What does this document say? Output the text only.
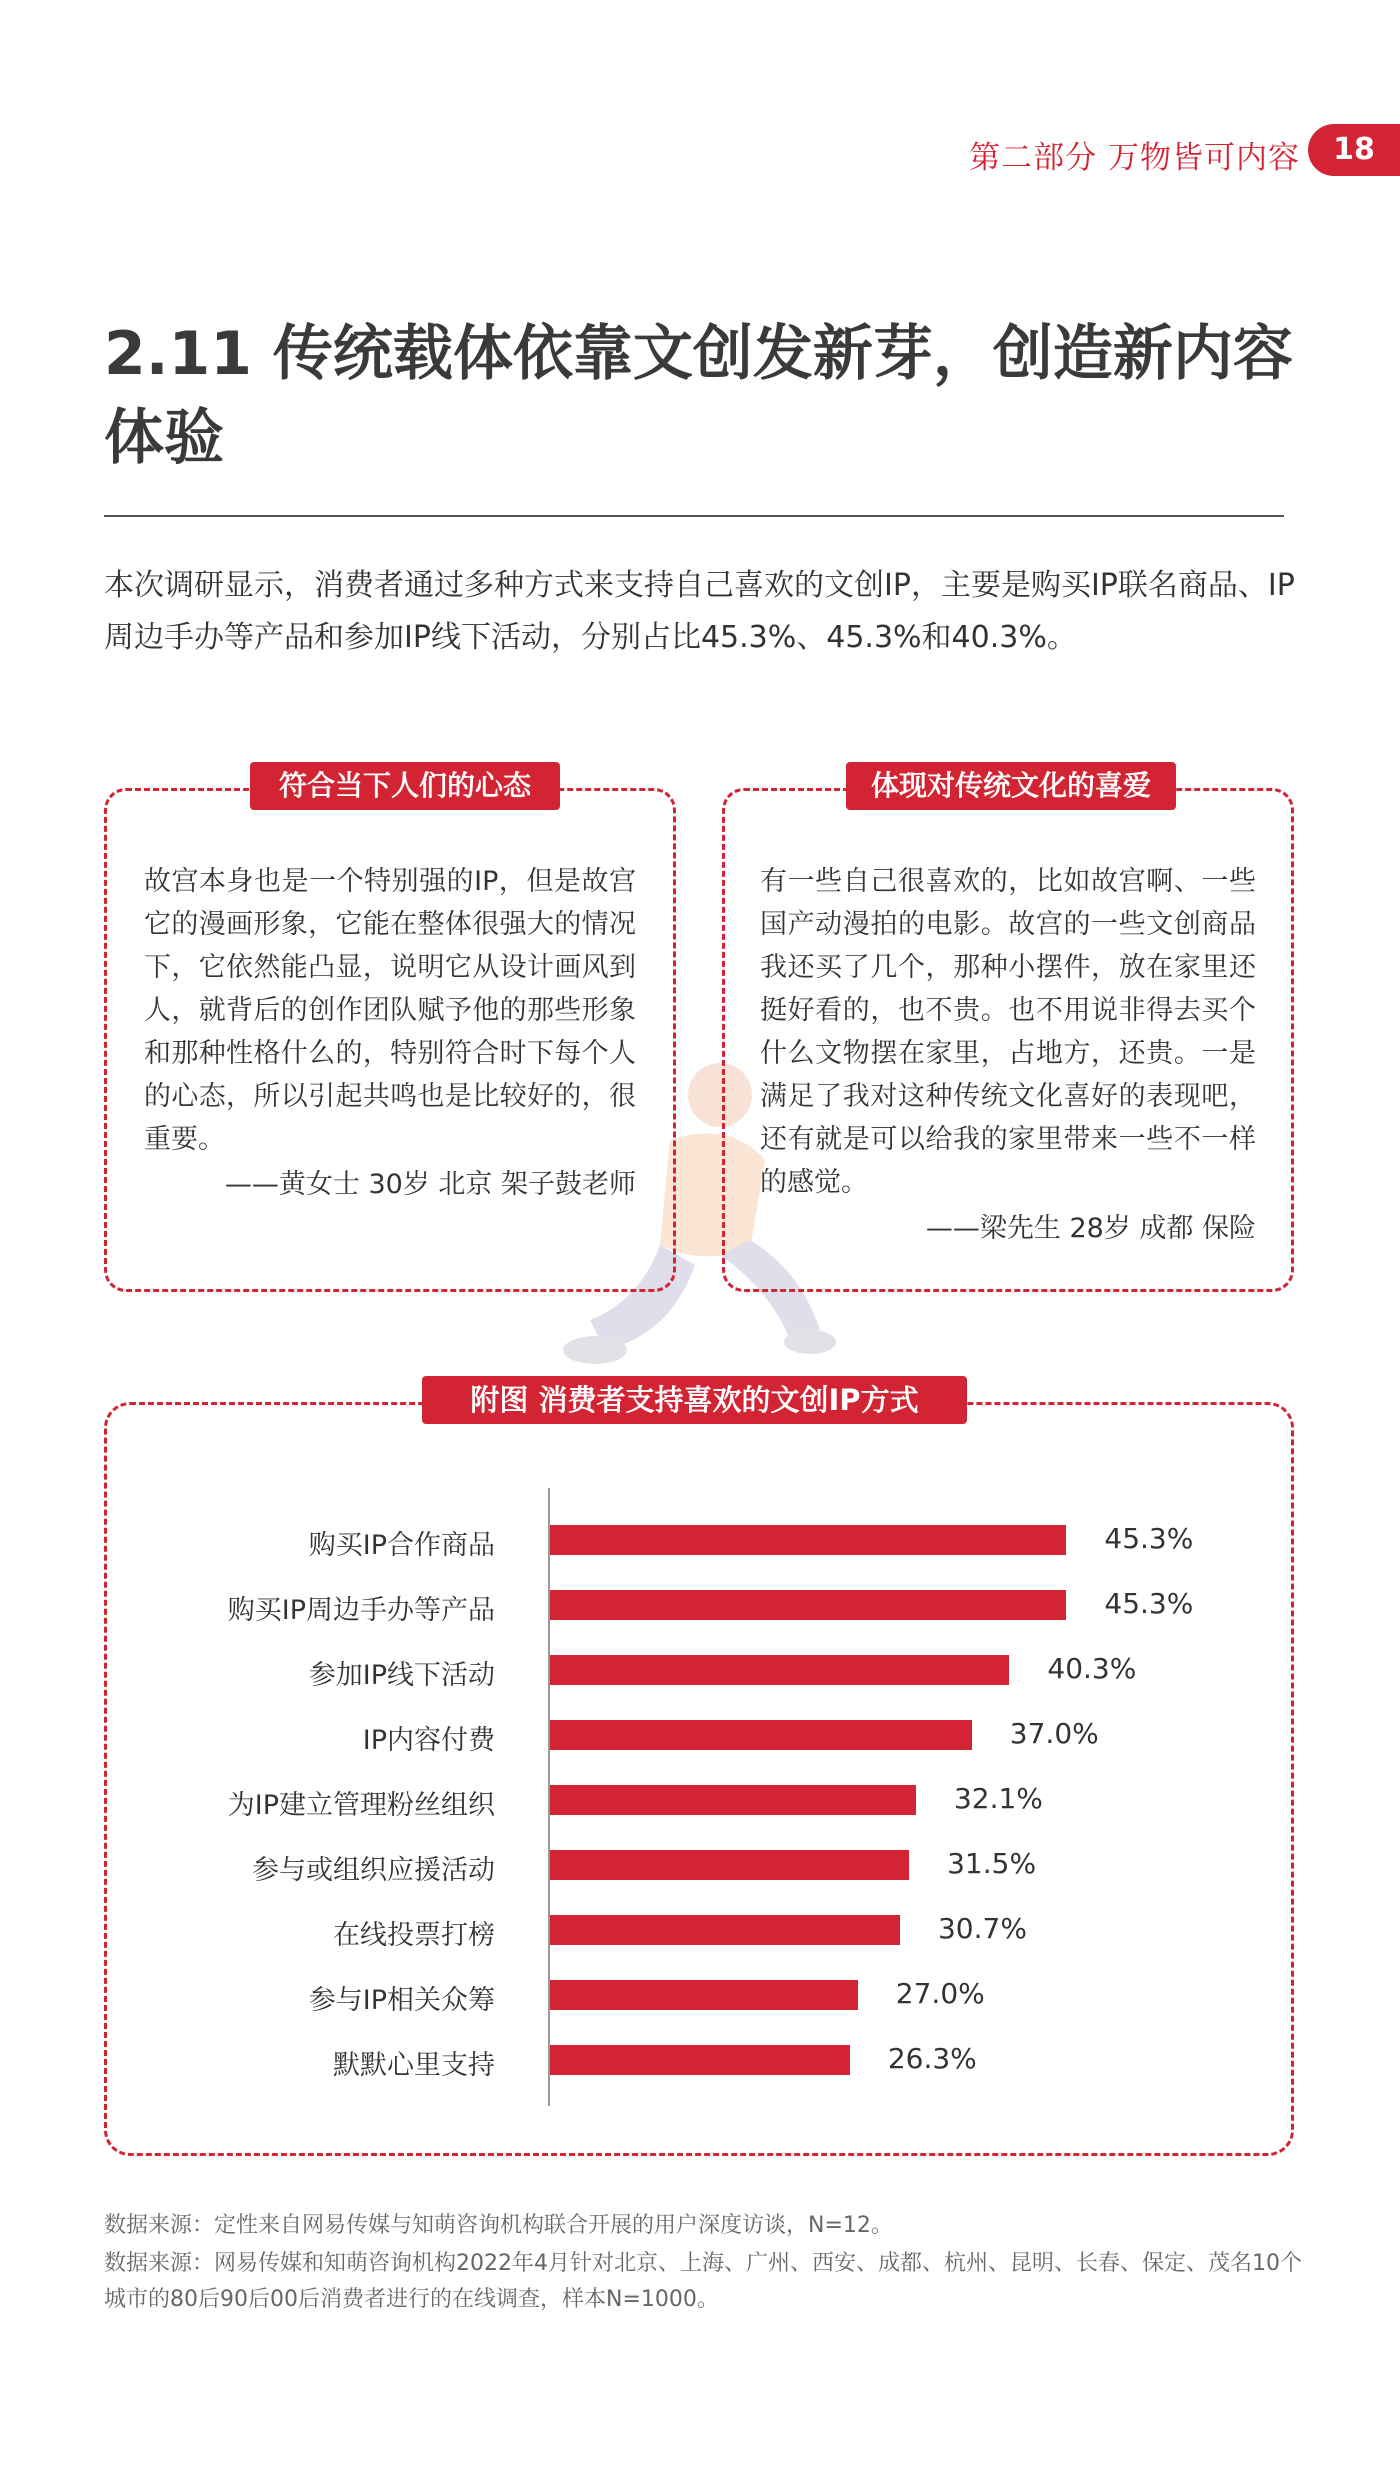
第二部分 万物皆可内容	18
2.11 传统载体依靠文创发新芽，创造新内容体验
本次调研显示，消费者通过多种方式来支持自己喜欢的文创IP，主要是购买IP联名商品、IP周边手办等产品和参加IP线下活动，分别占比45.3%、45.3%和40.3%。
符合当下人们的心态
故宫本身也是一个特别强的IP，但是故宫它的漫画形象，它能在整体很强大的情况下，它依然能凸显，说明它从设计画风到人，就背后的创作团队赋予他的那些形象和那种性格什么的，特别符合时下每个人的心态，所以引起共鸣也是比较好的，很重要。
——黄女士 30岁 北京 架子鼓老师
体现对传统文化的喜爱
有一些自己很喜欢的，比如故宫啊、一些国产动漫拍的电影。故宫的一些文创商品我还买了几个，那种小摆件，放在家里还挺好看的，也不贵。也不用说非得去买个什么文物摆在家里，占地方，还贵。一是满足了我对这种传统文化喜好的表现吧，还有就是可以给我的家里带来一些不一样的感觉。
——梁先生 28岁 成都 保险
附图 消费者支持喜欢的文创IP方式
购买IP合作商品	45.3%
购买IP周边手办等产品	45.3%
参加IP线下活动	40.3%
IP内容付费	37.0%
为IP建立管理粉丝组织	32.1%
参与或组织应援活动	31.5%
在线投票打榜	30.7%
参与IP相关众筹	27.0%
默默心里支持	26.3%
数据来源：定性来自网易传媒与知萌咨询机构联合开展的用户深度访谈，N=12。
数据来源：网易传媒和知萌咨询机构2022年4月针对北京、上海、广州、西安、成都、杭州、昆明、长春、保定、茂名10个城市的80后90后00后消费者进行的在线调查，样本N=1000。
